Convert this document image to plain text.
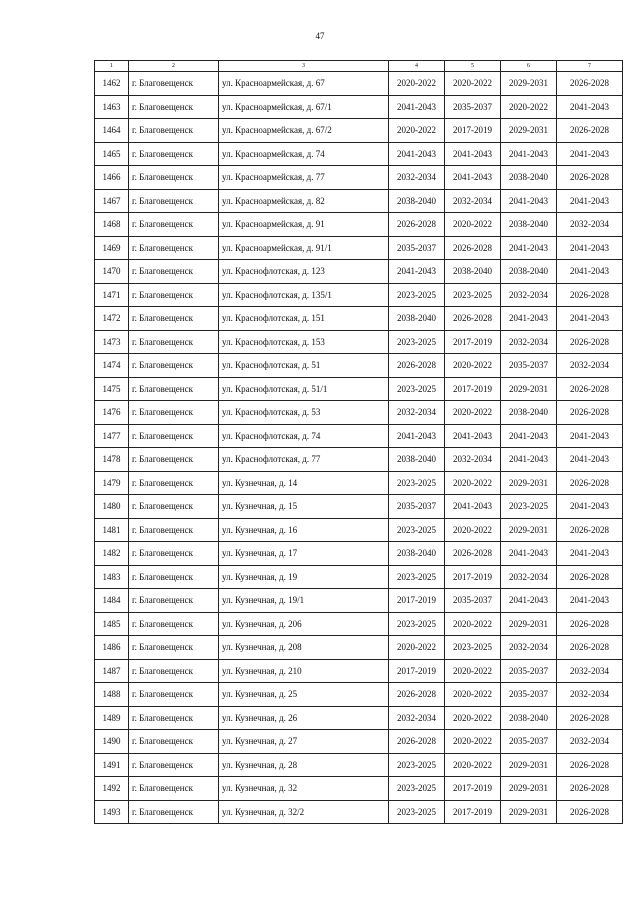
47
1	2	3	4	5	6	7
1462	г. Благовещенск	ул. Красноармейская, д. 67	2020-2022	2020-2022	2029-2031	2026-2028
1463	г. Благовещенск	ул. Красноармейская, д. 67/1	2041-2043	2035-2037	2020-2022	2041-2043
1464	г. Благовещенск	ул. Красноармейская, д. 67/2	2020-2022	2017-2019	2029-2031	2026-2028
1465	г. Благовещенск	ул. Красноармейская, д. 74	2041-2043	2041-2043	2041-2043	2041-2043
1466	г. Благовещенск	ул. Красноармейская, д. 77	2032-2034	2041-2043	2038-2040	2026-2028
1467	г. Благовещенск	ул. Красноармейская, д. 82	2038-2040	2032-2034	2041-2043	2041-2043
1468	г. Благовещенск	ул. Красноармейская, д. 91	2026-2028	2020-2022	2038-2040	2032-2034
1469	г. Благовещенск	ул. Красноармейская, д. 91/1	2035-2037	2026-2028	2041-2043	2041-2043
1470	г. Благовещенск	ул. Краснофлотская, д. 123	2041-2043	2038-2040	2038-2040	2041-2043
1471	г. Благовещенск	ул. Краснофлотская, д. 135/1	2023-2025	2023-2025	2032-2034	2026-2028
1472	г. Благовещенск	ул. Краснофлотская, д. 151	2038-2040	2026-2028	2041-2043	2041-2043
1473	г. Благовещенск	ул. Краснофлотская, д. 153	2023-2025	2017-2019	2032-2034	2026-2028
1474	г. Благовещенск	ул. Краснофлотская, д. 51	2026-2028	2020-2022	2035-2037	2032-2034
1475	г. Благовещенск	ул. Краснофлотская, д. 51/1	2023-2025	2017-2019	2029-2031	2026-2028
1476	г. Благовещенск	ул. Краснофлотская, д. 53	2032-2034	2020-2022	2038-2040	2026-2028
1477	г. Благовещенск	ул. Краснофлотская, д. 74	2041-2043	2041-2043	2041-2043	2041-2043
1478	г. Благовещенск	ул. Краснофлотская, д. 77	2038-2040	2032-2034	2041-2043	2041-2043
1479	г. Благовещенск	ул. Кузнечная, д. 14	2023-2025	2020-2022	2029-2031	2026-2028
1480	г. Благовещенск	ул. Кузнечная, д. 15	2035-2037	2041-2043	2023-2025	2041-2043
1481	г. Благовещенск	ул. Кузнечная, д. 16	2023-2025	2020-2022	2029-2031	2026-2028
1482	г. Благовещенск	ул. Кузнечная, д. 17	2038-2040	2026-2028	2041-2043	2041-2043
1483	г. Благовещенск	ул. Кузнечная, д. 19	2023-2025	2017-2019	2032-2034	2026-2028
1484	г. Благовещенск	ул. Кузнечная, д. 19/1	2017-2019	2035-2037	2041-2043	2041-2043
1485	г. Благовещенск	ул. Кузнечная, д. 206	2023-2025	2020-2022	2029-2031	2026-2028
1486	г. Благовещенск	ул. Кузнечная, д. 208	2020-2022	2023-2025	2032-2034	2026-2028
1487	г. Благовещенск	ул. Кузнечная, д. 210	2017-2019	2020-2022	2035-2037	2032-2034
1488	г. Благовещенск	ул. Кузнечная, д. 25	2026-2028	2020-2022	2035-2037	2032-2034
1489	г. Благовещенск	ул. Кузнечная, д. 26	2032-2034	2020-2022	2038-2040	2026-2028
1490	г. Благовещенск	ул. Кузнечная, д. 27	2026-2028	2020-2022	2035-2037	2032-2034
1491	г. Благовещенск	ул. Кузнечная, д. 28	2023-2025	2020-2022	2029-2031	2026-2028
1492	г. Благовещенск	ул. Кузнечная, д. 32	2023-2025	2017-2019	2029-2031	2026-2028
1493	г. Благовещенск	ул. Кузнечная, д. 32/2	2023-2025	2017-2019	2029-2031	2026-2028
